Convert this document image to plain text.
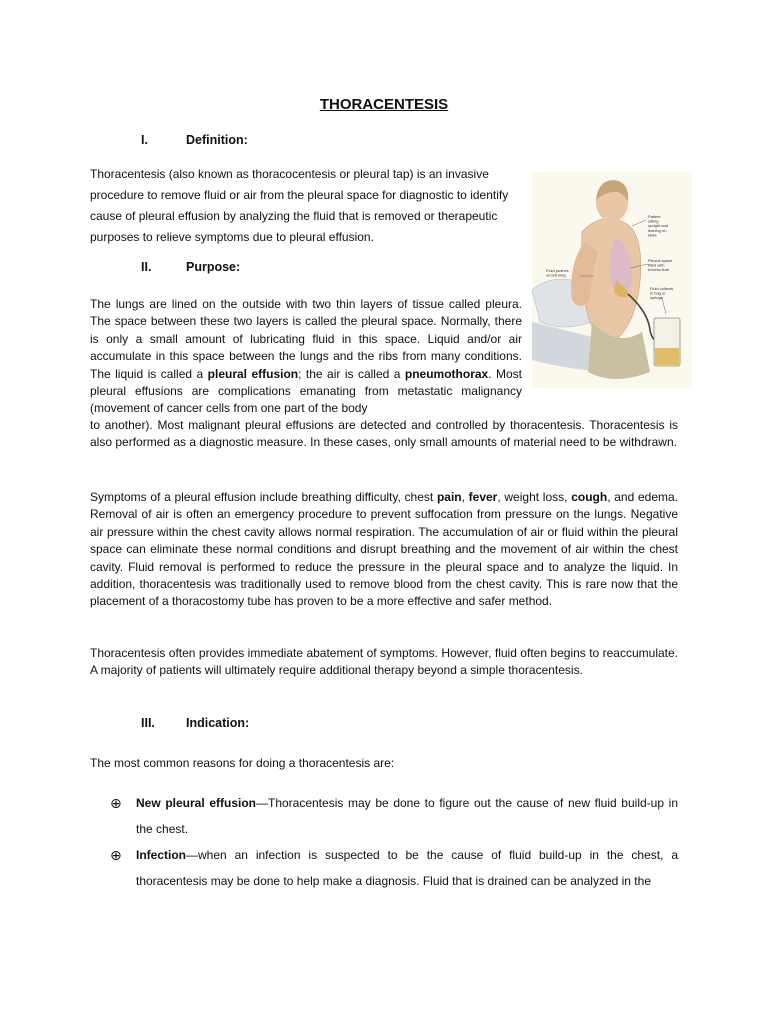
THORACENTESIS
I.	Definition:

Thoracentesis (also known as thoracocentesis or pleural tap) is an invasive procedure to remove fluid or air from the pleural space for diagnostic to identify cause of pleural effusion by analyzing the fluid that is removed or therapeutic purposes to relieve symptoms due to pleural effusion.

II.	Purpose:

The lungs are lined on the outside with two thin layers of tissue called pleura. The space between these two layers is called the pleural space. Normally, there is only a small amount of lubricating fluid in this space. Liquid and/or air accumulate in this space between the lungs and the ribs from many conditions. The liquid is called a pleural effusion; the air is called a pneumothorax. Most pleural effusions are complications emanating from metastatic malignancy (movement of cancer cells from one part of the body

to another). Most malignant pleural effusions are detected and controlled by thoracentesis. Thoracentesis is also performed as a diagnostic measure. In these cases, only small amounts of material need to be withdrawn.

Symptoms of a pleural effusion include breathing difficulty, chest pain, fever, weight loss, cough, and edema. Removal of air is often an emergency procedure to prevent suffocation from pressure on the lungs. Negative air pressure within the chest cavity allows normal respiration. The accumulation of air or fluid within the pleural space can eliminate these normal conditions and disrupt breathing and the movement of air within the chest cavity. Fluid removal is performed to reduce the pressure in the pleural space and to analyze the liquid. In addition, thoracentesis was traditionally used to remove blood from the chest cavity. This is rare now that the placement of a thoracostomy tube has proven to be a more effective and safer method.

Thoracentesis often provides immediate abatement of symptoms. However, fluid often begins to reaccumulate. A majority of patients will ultimately require additional therapy beyond a simple thoracentesis.

III. Indication:

The most common reasons for doing a thoracentesis are:

⊕	New pleural effusion—Thoracentesis may be done to figure out the cause of new fluid build-up in the chest.
⊕	Infection—when an infection is suspected to be the cause of fluid build-up in the chest, a thoracentesis may be done to help make a diagnosis. Fluid that is drained can be analyzed in the
Patient sitting upright and leaning on table
Pleural space filled with excess fluid
Fluid pushes on left lung
Fluid collects in bag or syringe
